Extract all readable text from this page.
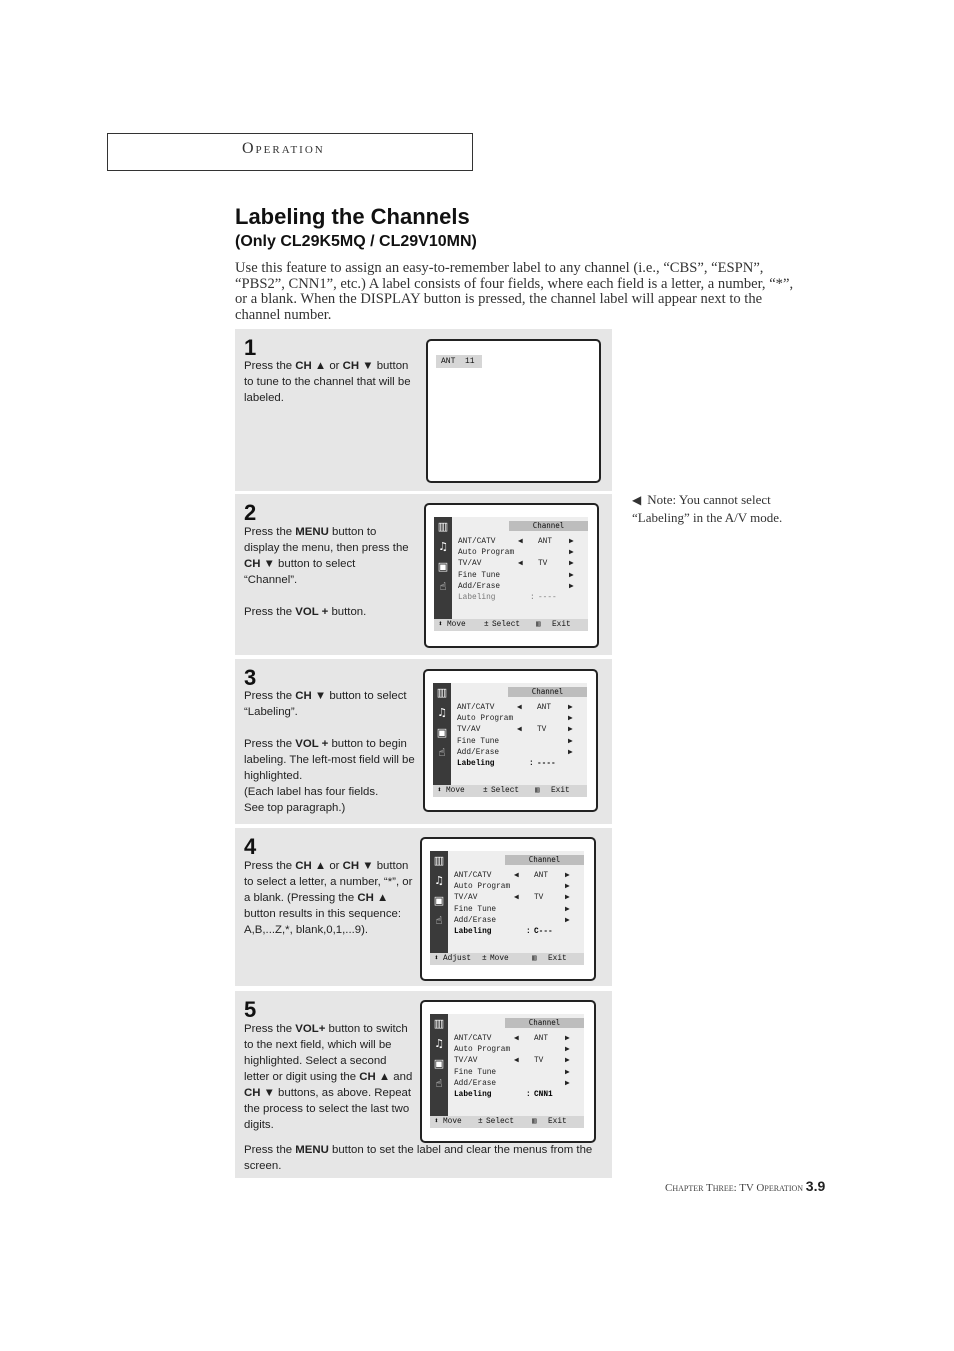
Operation
Labeling the Channels
(Only CL29K5MQ / CL29V10MN)

Use this feature to assign an easy-to-remember label to any channel (i.e., “CBS”, “ESPN”, “PBS2”, CNN1”, etc.) A label consists of four fields, where each field is a letter, a number, “*”, or a blank. When the DISPLAY button is pressed, the channel label will appear next to the channel number.

1

Press the CH ▲ or CH ▼ button to tune to the channel that will be labeled.

ANT  11
2

Press the MENU button to display the menu, then press the CH ▼ button to select “Channel”.

Press the VOL + button.

▥
♫
▣
☝
Channel
ANT/CATV	◀ ANT ▶
Auto Program	▶
TV/AV	◀ TV	▶
Fine Tune	▶
Add/Erase	▶
Labeling	: ----
⬍ Move ± Select ▥ Exit
3

Press the CH ▼ button to select “Labeling”.

Press the VOL + button to begin labeling. The left-most field will be highlighted.
(Each label has four fields.
See top paragraph.)

▥
♫
▣
☝
Channel
ANT/CATV	◀ ANT ▶
Auto Program	▶
TV/AV	◀ TV	▶
Fine Tune	▶
Add/Erase	▶
Labeling	: ----
⬍ Move ± Select ▥ Exit
4

Press the CH ▲ or CH ▼ button to select a letter, a number, “*”, or a blank. (Pressing the CH ▲ button results in this sequence: A,B,...Z,*, blank,0,1,...9).

▥
♫
▣
☝
Channel
ANT/CATV	◀ ANT ▶
Auto Program	▶
TV/AV	◀ TV	▶
Fine Tune	▶
Add/Erase	▶
Labeling	: C---
⬍ Adjust ± Move	▥ Exit
5

Press the VOL+ button to switch to the next field, which will be highlighted. Select a second letter or digit using the CH ▲ and CH ▼ buttons, as above. Repeat the process to select the last two digits.

Press the MENU button to set the label and clear the menus from the screen.

▥
♫
▣
☝
Channel
ANT/CATV	◀ ANT ▶
Auto Program	▶
TV/AV	◀ TV	▶
Fine Tune	▶
Add/Erase	▶
Labeling	: CNN1
⬍ Move ± Select ▥ Exit
◀  Note: You cannot select “Labeling” in the A/V mode.
Chapter Three: TV Operation 3.9
